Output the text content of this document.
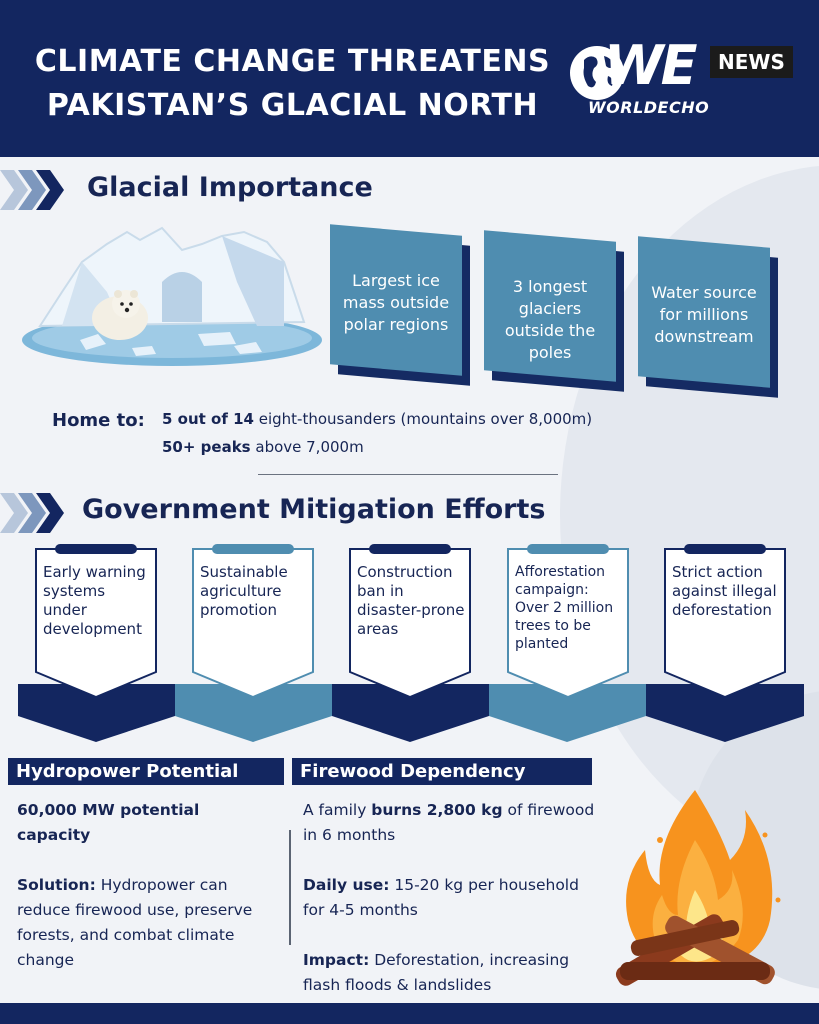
CLIMATE CHANGE THREATENS
PAKISTAN’S GLACIAL NORTH
WE	NEWS
WORLDECHO
Glacial Importance
Largest ice mass outside polar regions
3 longest glaciers outside the poles
Water source for millions downstream
Home to: 5 out of 14 eight-thousanders (mountains over 8,000m)
50+ peaks above 7,000m
Government Mitigation Efforts
Early warning systems under development
Sustainable agriculture promotion
Construction ban in disaster-prone areas
Afforestation campaign: Over 2 million trees to be planted
Strict action against illegal deforestation
Hydropower Potential
60,000 MW potential capacity
Solution: Hydropower can reduce firewood use, preserve forests, and combat climate change
Firewood Dependency
A family burns 2,800 kg of firewood in 6 months
Daily use: 15-20 kg per household for 4-5 months
Impact: Deforestation, increasing flash floods & landslides
